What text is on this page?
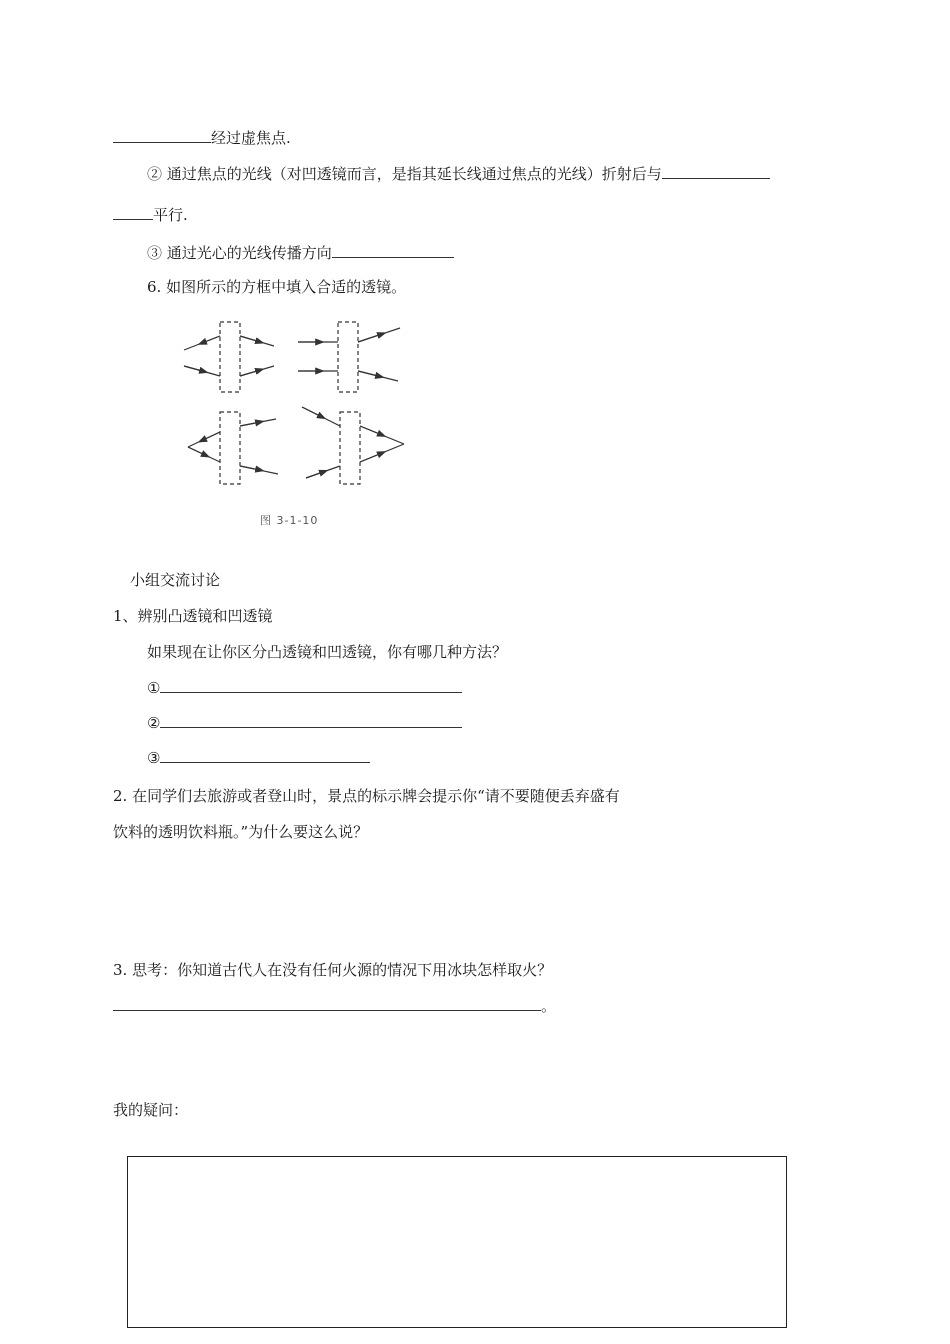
经过虚焦点.
② 通过焦点的光线（对凹透镜而言，是指其延长线通过焦点的光线）折射后与
平行.
③ 通过光心的光线传播方向
6. 如图所示的方框中填入合适的透镜。
图 3-1-10
小组交流讨论
1、辨别凸透镜和凹透镜
如果现在让你区分凸透镜和凹透镜，你有哪几种方法？
①
②
③
2. 在同学们去旅游或者登山时，景点的标示牌会提示你“请不要随便丢弃盛有
饮料的透明饮料瓶。”为什么要这么说？
3. 思考：你知道古代人在没有任何火源的情况下用冰块怎样取火？
。
我的疑问：
